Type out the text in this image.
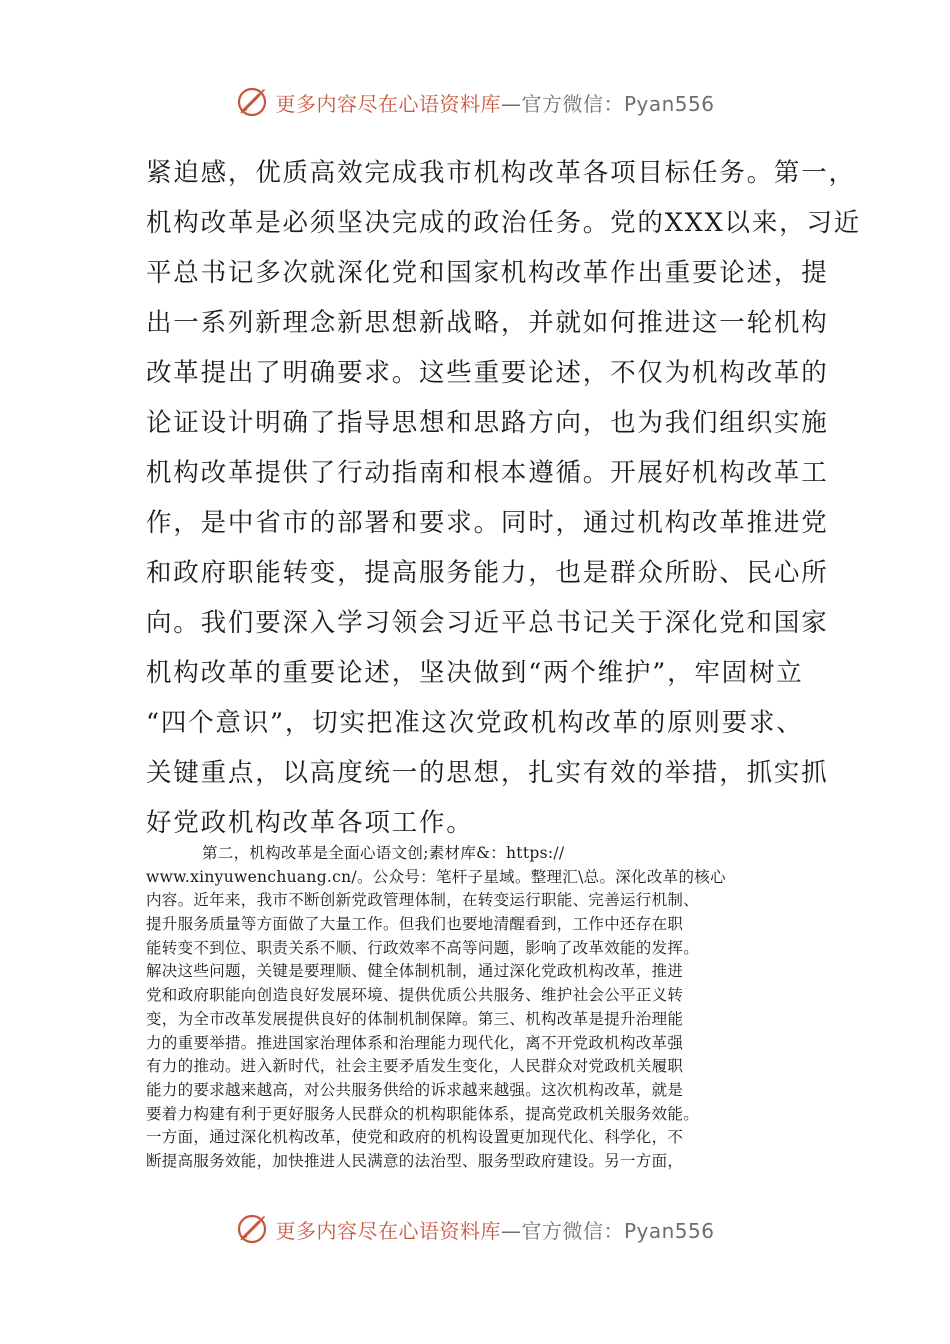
更多内容尽在心语资料库 —官方微信：Pyan556
紧迫感，优质高效完成我市机构改革各项目标任务。第一，
机构改革是必须坚决完成的政治任务。党的XXX以来，习近
平总书记多次就深化党和国家机构改革作出重要论述，提
出一系列新理念新思想新战略，并就如何推进这一轮机构
改革提出了明确要求。这些重要论述，不仅为机构改革的
论证设计明确了指导思想和思路方向，也为我们组织实施
机构改革提供了行动指南和根本遵循。开展好机构改革工
作，是中省市的部署和要求。同时，通过机构改革推进党
和政府职能转变，提高服务能力，也是群众所盼、民心所
向。我们要深入学习领会习近平总书记关于深化党和国家
机构改革的重要论述，坚决做到“两个维护”，牢固树立
“四个意识”，切实把准这次党政机构改革的原则要求、
关键重点，以高度统一的思想，扎实有效的举措，抓实抓
好党政机构改革各项工作。
第二，机构改革是全面心语文创;素材库&：https://
www.xinyuwenchuang.cn/。公众号：笔杆子星域。整理汇\总。深化改革的核心
内容。近年来，我市不断创新党政管理体制，在转变运行职能、完善运行机制、
提升服务质量等方面做了大量工作。但我们也要地清醒看到，工作中还存在职
能转变不到位、职责关系不顺、行政效率不高等问题，影响了改革效能的发挥。
解决这些问题，关键是要理顺、健全体制机制，通过深化党政机构改革，推进
党和政府职能向创造良好发展环境、提供优质公共服务、维护社会公平正义转
变，为全市改革发展提供良好的体制机制保障。第三、机构改革是提升治理能
力的重要举措。推进国家治理体系和治理能力现代化，离不开党政机构改革强
有力的推动。进入新时代，社会主要矛盾发生变化，人民群众对党政机关履职
能力的要求越来越高，对公共服务供给的诉求越来越强。这次机构改革，就是
要着力构建有利于更好服务人民群众的机构职能体系，提高党政机关服务效能。
一方面，通过深化机构改革，使党和政府的机构设置更加现代化、科学化，不
断提高服务效能，加快推进人民满意的法治型、服务型政府建设。另一方面，
更多内容尽在心语资料库 —官方微信：Pyan556
